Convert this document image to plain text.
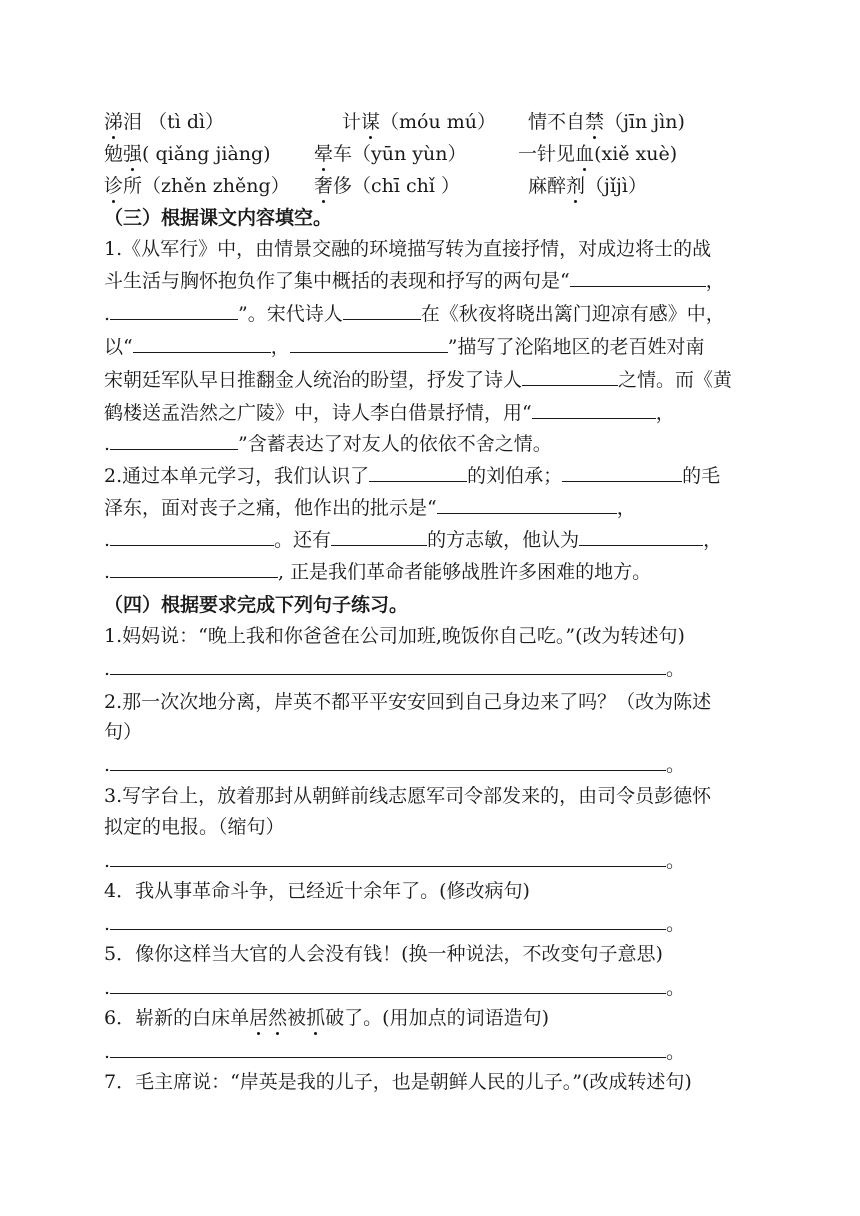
涕泪 （tì dì）	计谋（móu mú） 情不自禁（jīn jìn)
勉强( qiǎng jiàng) 晕车（yūn yùn）	一针见血(xiě xuè)
诊所（zhěn zhěng） 奢侈（chī chǐ ）	麻醉剂（jǐjì）
（三）根据课文内容填空。
1.《从军行》中，由情景交融的环境描写转为直接抒情，对成边将士的战
斗生活与胸怀抱负作了集中概括的表现和抒写的两句是“	，
.	”。宋代诗人	在《秋夜将晓出篱门迎凉有感》中，
以“	，	”描写了沦陷地区的老百姓对南
宋朝廷军队早日推翻金人统治的盼望，抒发了诗人	之情。而《黄
鹤楼送孟浩然之广陵》中，诗人李白借景抒情，用“	，
.	”含蓄表达了对友人的依依不舍之情。
2.通过本单元学习，我们认识了	的刘伯承；	的毛
泽东，面对丧子之痛，他作出的批示是“	，
.	。还有	的方志敏，他认为	，
.	, 正是我们革命者能够战胜许多困难的地方。
（四）根据要求完成下列句子练习。
1.妈妈说：“晚上我和你爸爸在公司加班,晚饭你自己吃。”(改为转述句)
.	。
2.那一次次地分离，岸英不都平平安安回到自己身边来了吗？（改为陈述
句）
.	。
3.写字台上，放着那封从朝鲜前线志愿军司令部发来的，由司令员彭德怀
拟定的电报。（缩句）
.	。
4．我从事革命斗争，已经近十余年了。(修改病句)
.	。
5．像你这样当大官的人会没有钱！(换一种说法，不改变句子意思)
.	。
6．崭新的白床单居然被抓破了。(用加点的词语造句)
.	。
7．毛主席说：“岸英是我的儿子，也是朝鲜人民的儿子。”(改成转述句)
